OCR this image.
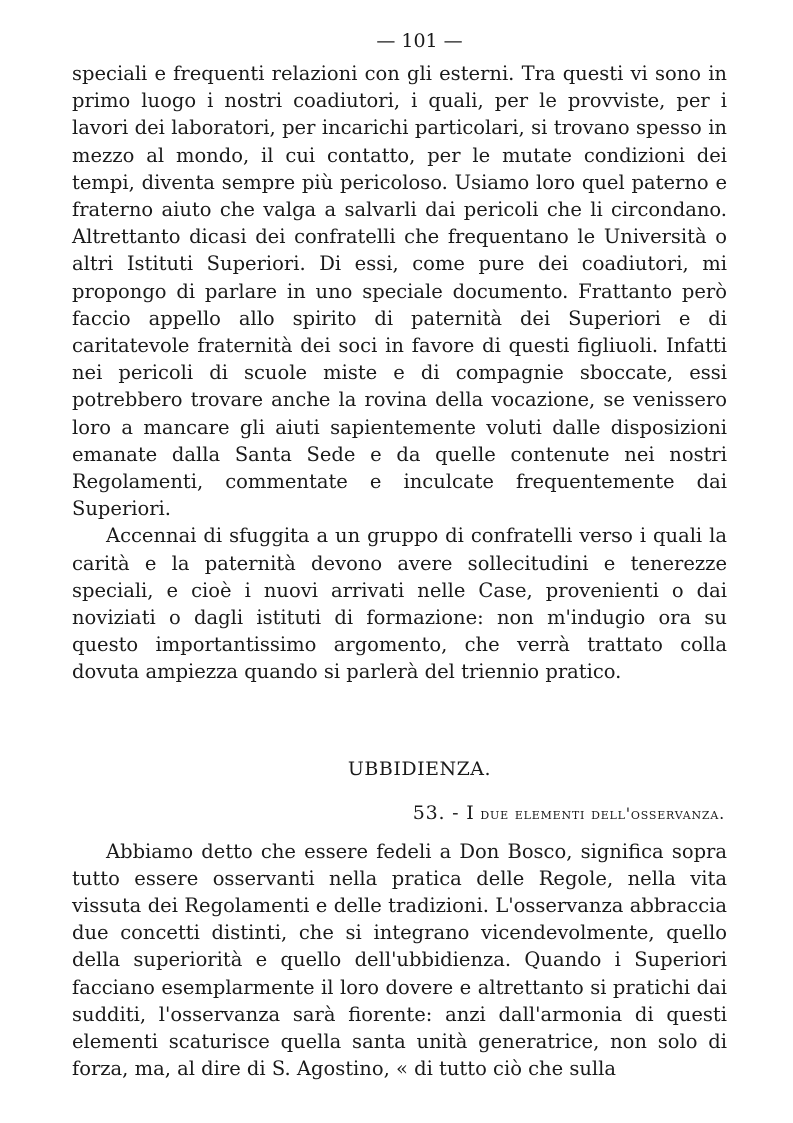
— 101 —

speciali e frequenti relazioni con gli esterni. Tra questi vi sono in primo luogo i nostri coadiutori, i quali, per le provviste, per i lavori dei laboratori, per incarichi particolari, si trovano spesso in mezzo al mondo, il cui contatto, per le mutate condizioni dei tempi, diventa sempre più pericoloso. Usiamo loro quel paterno e fraterno aiuto che valga a salvarli dai pericoli che li circondano. Altrettanto dicasi dei confratelli che frequentano le Università o altri Istituti Superiori. Di essi, come pure dei coadiutori, mi propongo di parlare in uno speciale documento. Frattanto però faccio appello allo spirito di paternità dei Superiori e di caritatevole fraternità dei soci in favore di questi figliuoli. Infatti nei pericoli di scuole miste e di compagnie sboccate, essi potrebbero trovare anche la rovina della vocazione, se venissero loro a mancare gli aiuti sapientemente voluti dalle disposizioni emanate dalla Santa Sede e da quelle contenute nei nostri Regolamenti, commentate e inculcate frequentemente dai Superiori.

Accennai di sfuggita a un gruppo di confratelli verso i quali la carità e la paternità devono avere sollecitudini e tenerezze speciali, e cioè i nuovi arrivati nelle Case, provenienti o dai noviziati o dagli istituti di formazione: non m'indugio ora su questo importantissimo argomento, che verrà trattato colla dovuta ampiezza quando si parlerà del triennio pratico.

UBBIDIENZA.
53. - I due elementi dell'osservanza.

Abbiamo detto che essere fedeli a Don Bosco, significa sopra tutto essere osservanti nella pratica delle Regole, nella vita vissuta dei Regolamenti e delle tradizioni. L'osservanza abbraccia due concetti distinti, che si integrano vicendevolmente, quello della superiorità e quello dell'ubbidienza. Quando i Superiori facciano esemplarmente il loro dovere e altrettanto si pratichi dai sudditi, l'osservanza sarà fiorente: anzi dall'armonia di questi elementi scaturisce quella santa unità generatrice, non solo di forza, ma, al dire di S. Agostino, « di tutto ciò che sulla
